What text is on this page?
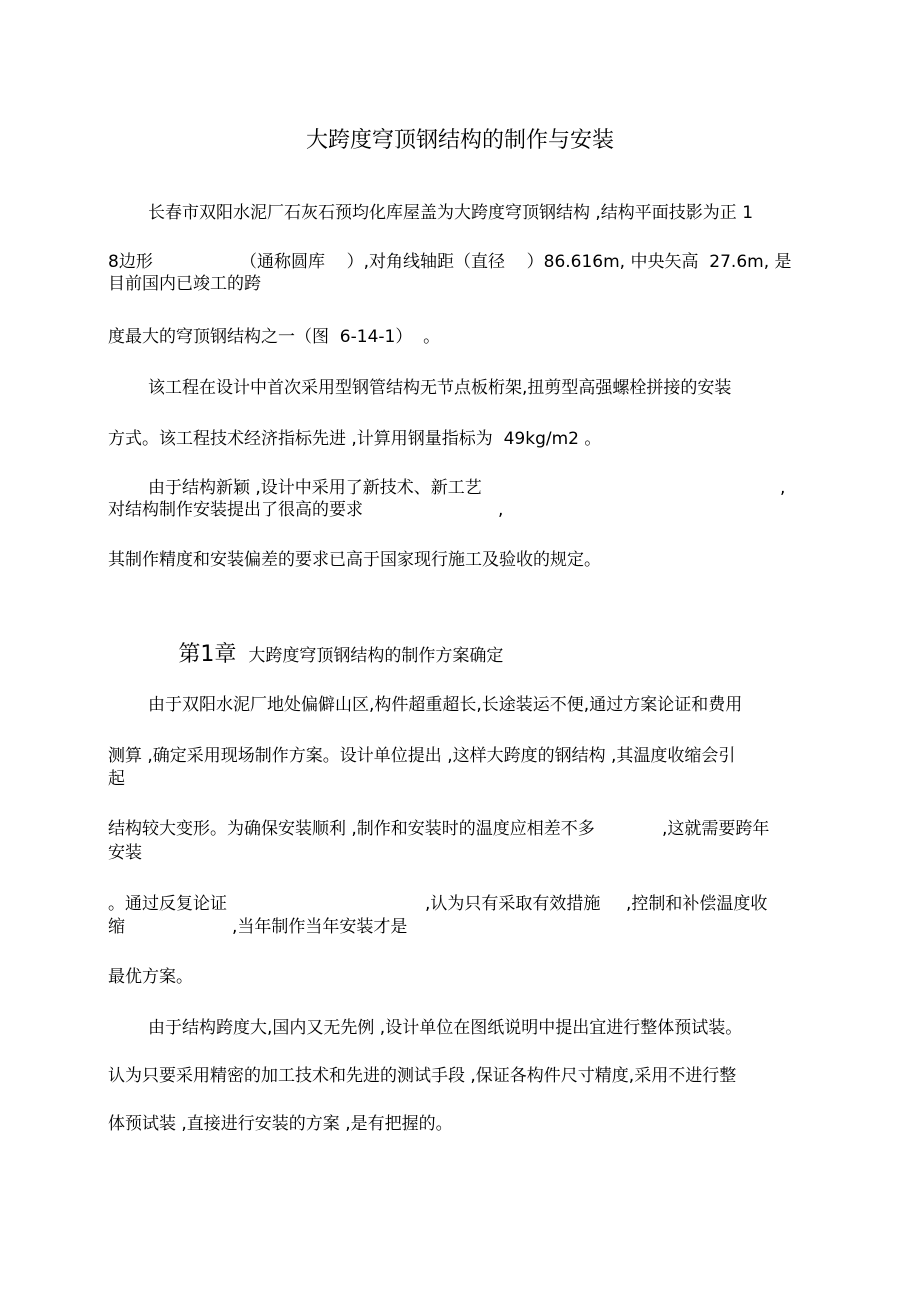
大跨度穹顶钢结构的制作与安装
长春市双阳水泥厂石灰石预均化库屋盖为大跨度穹顶钢结构 ,结构平面技影为正 1
8边形	（通称圆库    ）,对角线轴距（直径    ）86.616m, 中央矢高  27.6m, 是
目前国内已竣工的跨
度最大的穹顶钢结构之一（图  6-14-1）  。
该工程在设计中首次采用型钢管结构无节点板桁架,扭剪型高强螺栓拼接的安装
方式。该工程技术经济指标先进 ,计算用钢量指标为  49kg/m2 。
由于结构新颖 ,设计中采用了新技术、新工艺	,
对结构制作安装提出了很高的要求	,
其制作精度和安装偏差的要求已高于国家现行施工及验收的规定。

第1章 大跨度穹顶钢结构的制作方案确定

由于双阳水泥厂地处偏僻山区,构件超重超长,长途装运不便,通过方案论证和费用
测算 ,确定采用现场制作方案。设计单位提出 ,这样大跨度的钢结构 ,其温度收缩会引
起
结构较大变形。为确保安装顺利 ,制作和安装时的温度应相差不多	,这就需要跨年
安装
。通过反复论证	,认为只有采取有效措施 ,控制和补偿温度收
缩	,当年制作当年安装才是
最优方案。
由于结构跨度大,国内又无先例 ,设计单位在图纸说明中提出宜进行整体预试装。
认为只要采用精密的加工技术和先进的测试手段 ,保证各构件尺寸精度,采用不进行整
体预试装 ,直接进行安装的方案 ,是有把握的。
